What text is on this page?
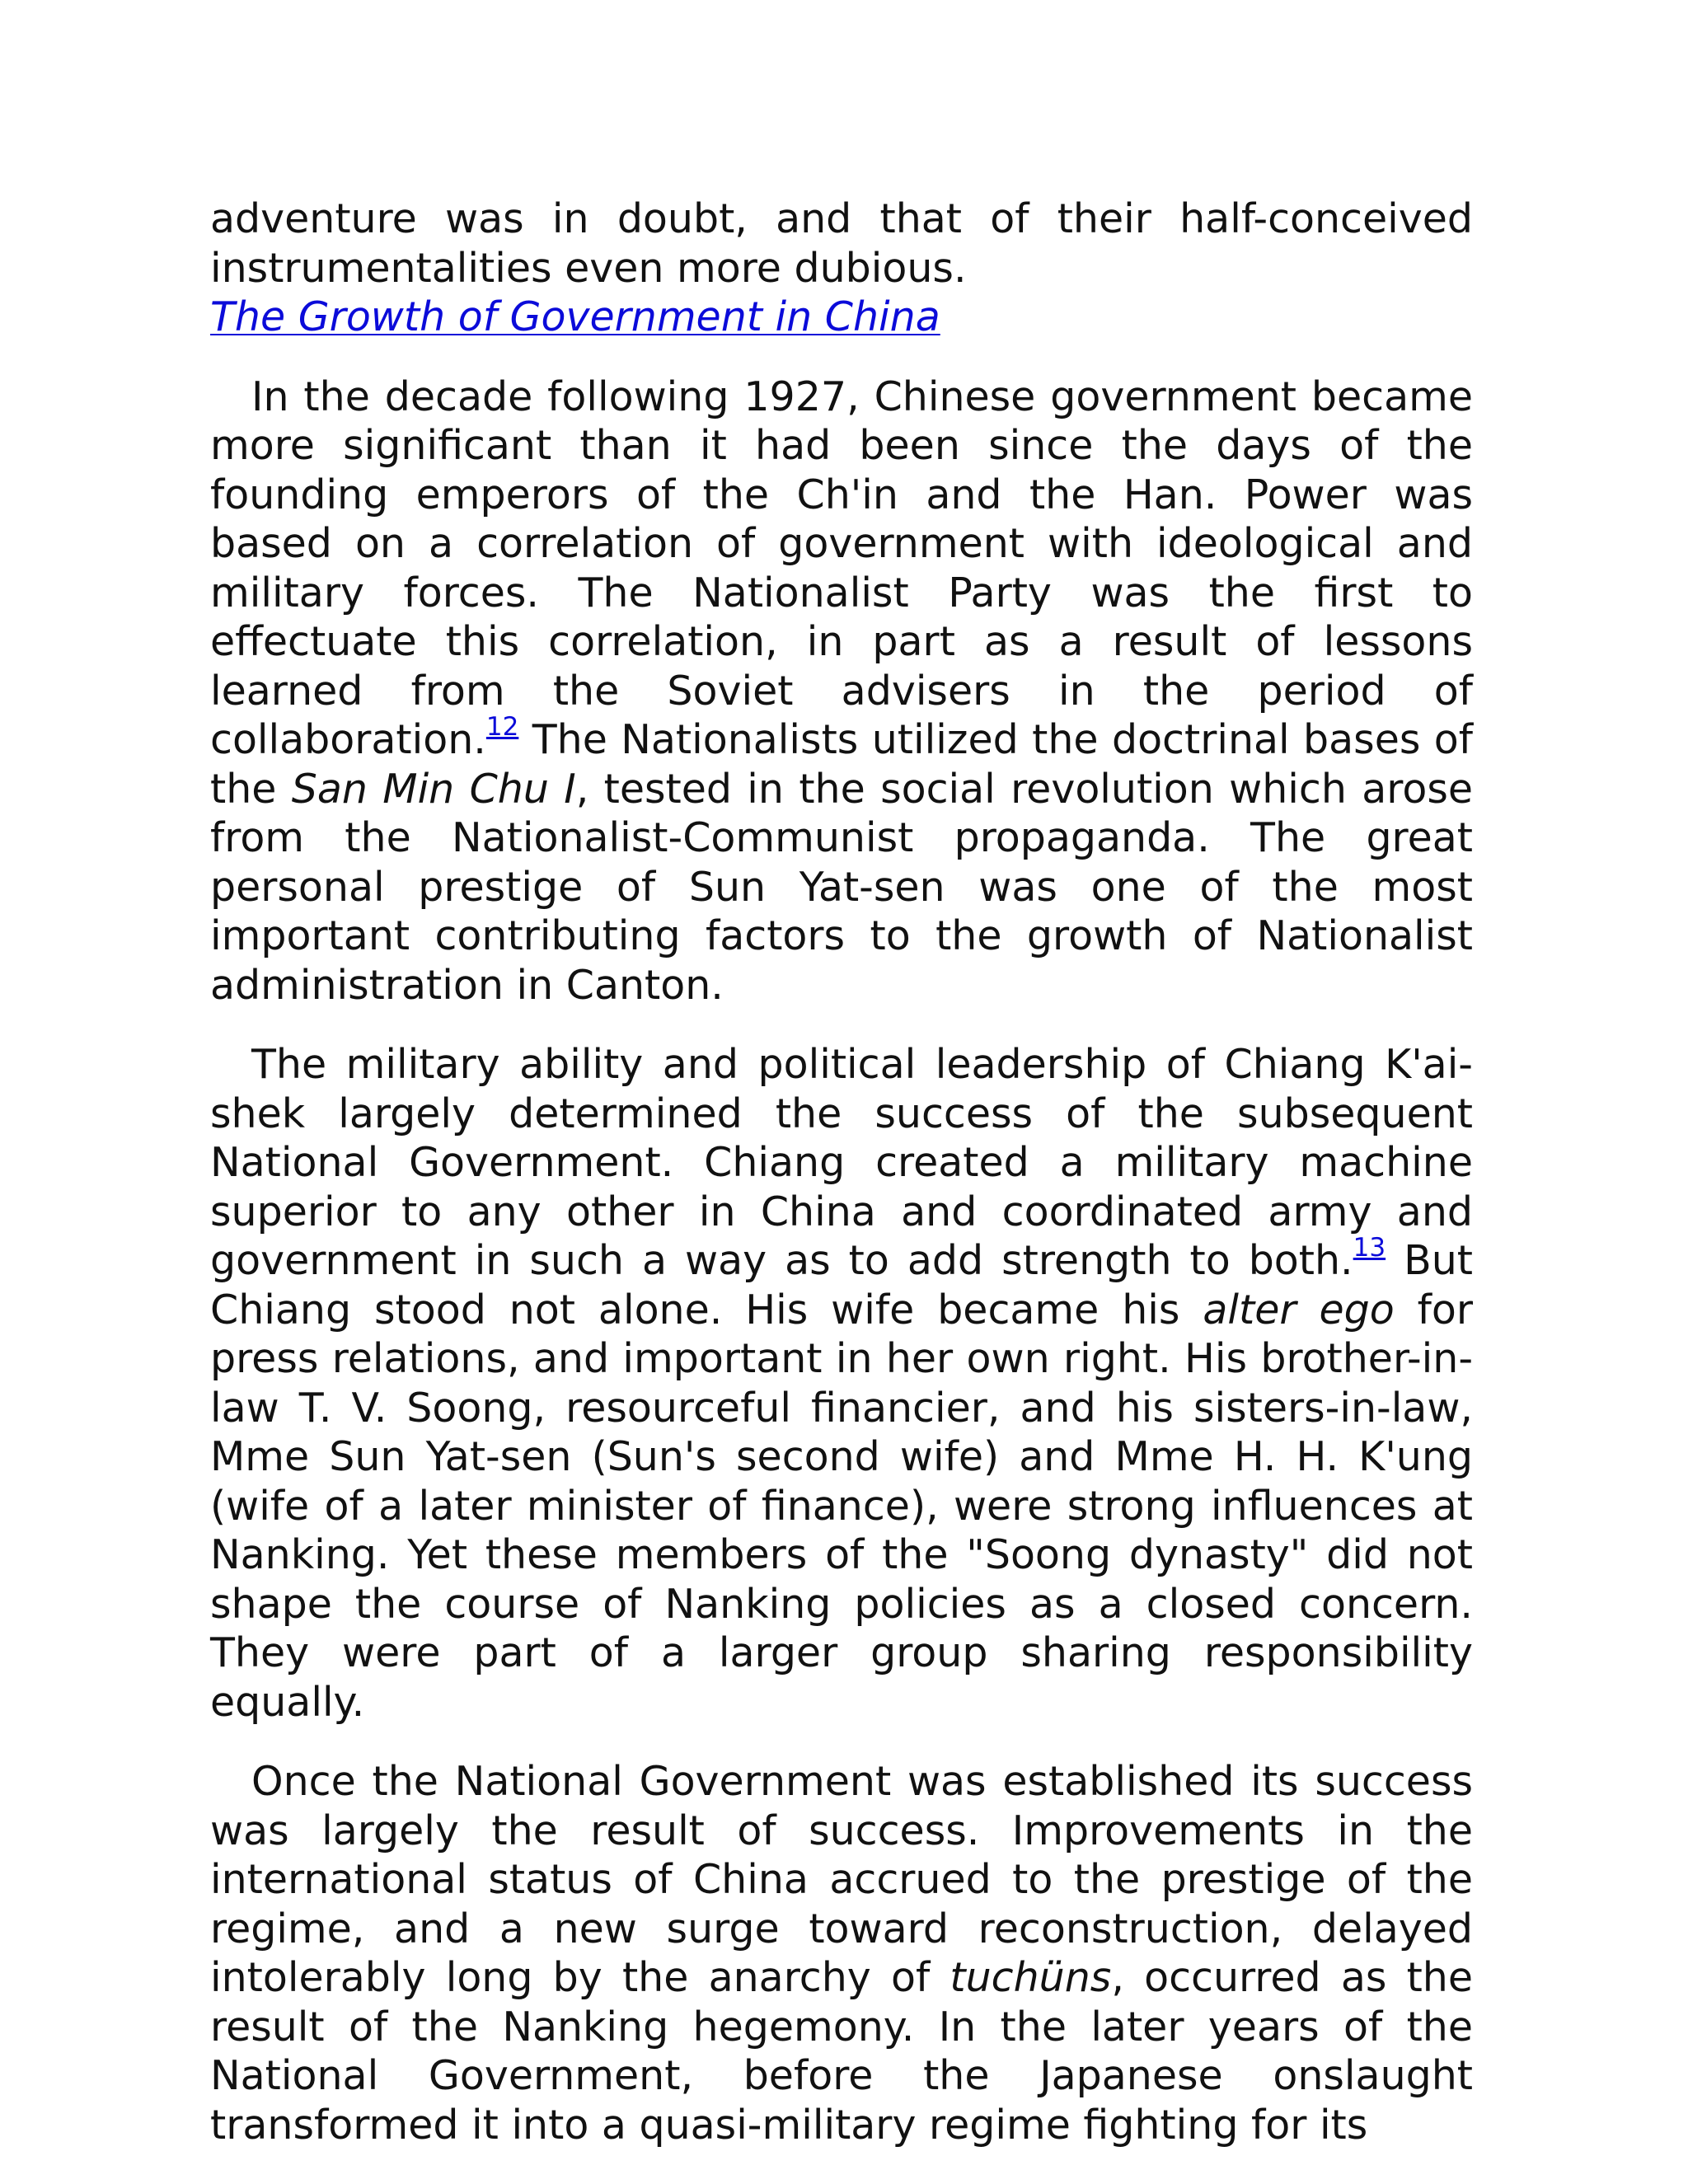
adventure was in doubt, and that of their half-conceived instrumentalities even more dubious.

The Growth of Government in China

In the decade following 1927, Chinese government became more significant than it had been since the days of the founding emperors of the Ch'in and the Han. Power was based on a correlation of government with ideological and military forces. The Nationalist Party was the first to effectuate this correlation, in part as a result of lessons learned from the Soviet advisers in the period of collaboration.$^{12}$ The Nationalists utilized the doctrinal bases of the San Min Chu I, tested in the social revolution which arose from the Nationalist-Communist propaganda. The great personal prestige of Sun Yat-sen was one of the most important contributing factors to the growth of Nationalist administration in Canton.

The military ability and political leadership of Chiang K'ai-shek largely determined the success of the subsequent National Government. Chiang created a military machine superior to any other in China and coordinated army and government in such a way as to add strength to both.$^{13}$ But Chiang stood not alone. His wife became his alter ego for press relations, and important in her own right. His brother-in-law T. V. Soong, resourceful financier, and his sisters-in-law, Mme Sun Yat-sen (Sun's second wife) and Mme H. H. K'ung (wife of a later minister of finance), were strong influences at Nanking. Yet these members of the "Soong dynasty" did not shape the course of Nanking policies as a closed concern. They were part of a larger group sharing responsibility equally.

Once the National Government was established its success was largely the result of success. Improvements in the international status of China accrued to the prestige of the regime, and a new surge toward reconstruction, delayed intolerably long by the anarchy of tuchüns, occurred as the result of the Nanking hegemony. In the later years of the National Government, before the Japanese onslaught transformed it into a quasi-military regime fighting for its
